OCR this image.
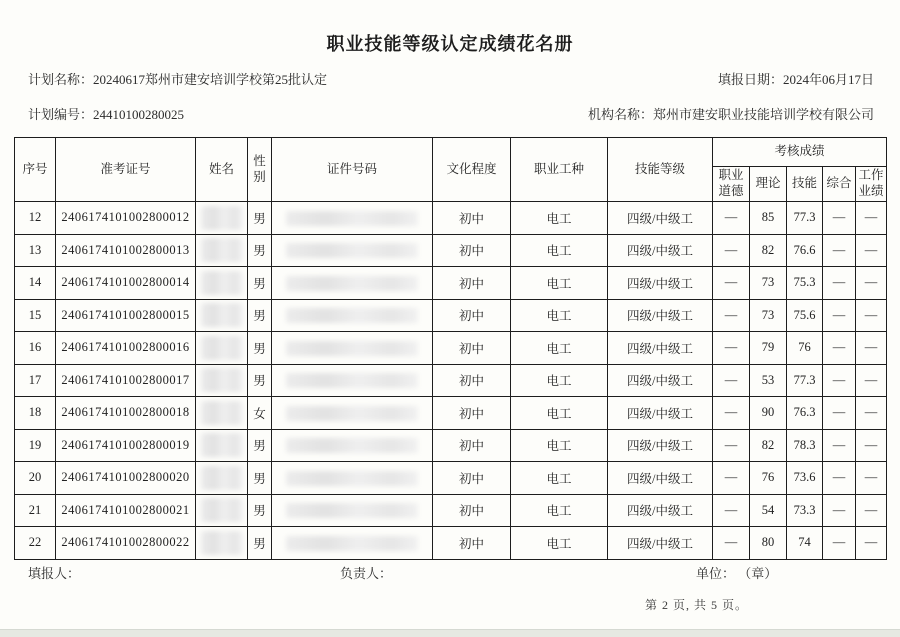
职业技能等级认定成绩花名册
计划名称：20240617郑州市建安培训学校第25批认定	填报日期：2024年06月17日
计划编号：24410100280025	机构名称：郑州市建安职业技能培训学校有限公司
序号	准考证号	姓名	性别	证件号码	文化程度	职业工种	技能等级	考核成绩				
								职业道德	理论	技能	综合	工作业绩
12	2406174101002800012		男		初中	电工	四级/中级工	—	85	77.3	—	—
13	2406174101002800013		男		初中	电工	四级/中级工	—	82	76.6	—	—
14	2406174101002800014		男		初中	电工	四级/中级工	—	73	75.3	—	—
15	2406174101002800015		男		初中	电工	四级/中级工	—	73	75.6	—	—
16	2406174101002800016		男		初中	电工	四级/中级工	—	79	76	—	—
17	2406174101002800017		男		初中	电工	四级/中级工	—	53	77.3	—	—
18	2406174101002800018		女		初中	电工	四级/中级工	—	90	76.3	—	—
19	2406174101002800019		男		初中	电工	四级/中级工	—	82	78.3	—	—
20	2406174101002800020		男		初中	电工	四级/中级工	—	76	73.6	—	—
21	2406174101002800021		男		初中	电工	四级/中级工	—	54	73.3	—	—
22	2406174101002800022		男		初中	电工	四级/中级工	—	80	74	—	—
填报人：	负责人：	单位： （章）
第 2 页, 共 5 页。
